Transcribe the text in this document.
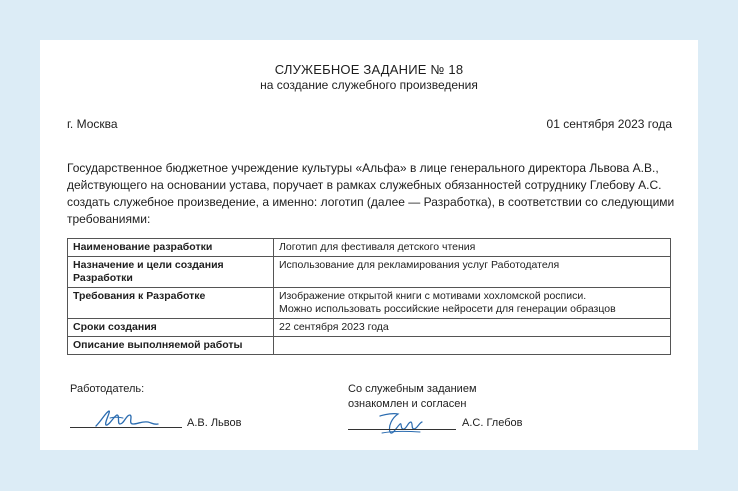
СЛУЖЕБНОЕ ЗАДАНИЕ № 18
на создание служебного произведения
г. Москва	01 сентября 2023 года
Государственное бюджетное учреждение культуры «Альфа» в лице генерального директора Львова А.В.,
действующего на основании устава, поручает в рамках служебных обязанностей сотруднику Глебову А.С.
создать служебное произведение, а именно: логотип (далее — Разработка), в соответствии со следующими
требованиями:
Наименование разработки	Логотип для фестиваля детского чтения

Назначение и цели создания Разработки	Использование для рекламирования услуг Работодателя

Требования к Разработке	Изображение открытой книги с мотивами хохломской росписи.
Можно использовать российские нейросети для генерации образцов

Сроки создания	22 сентября 2023 года

Описание выполняемой работы	

Работодатель:	Со служебным заданием
ознакомлен и согласен
А.В. Львов	А.С. Глебов
